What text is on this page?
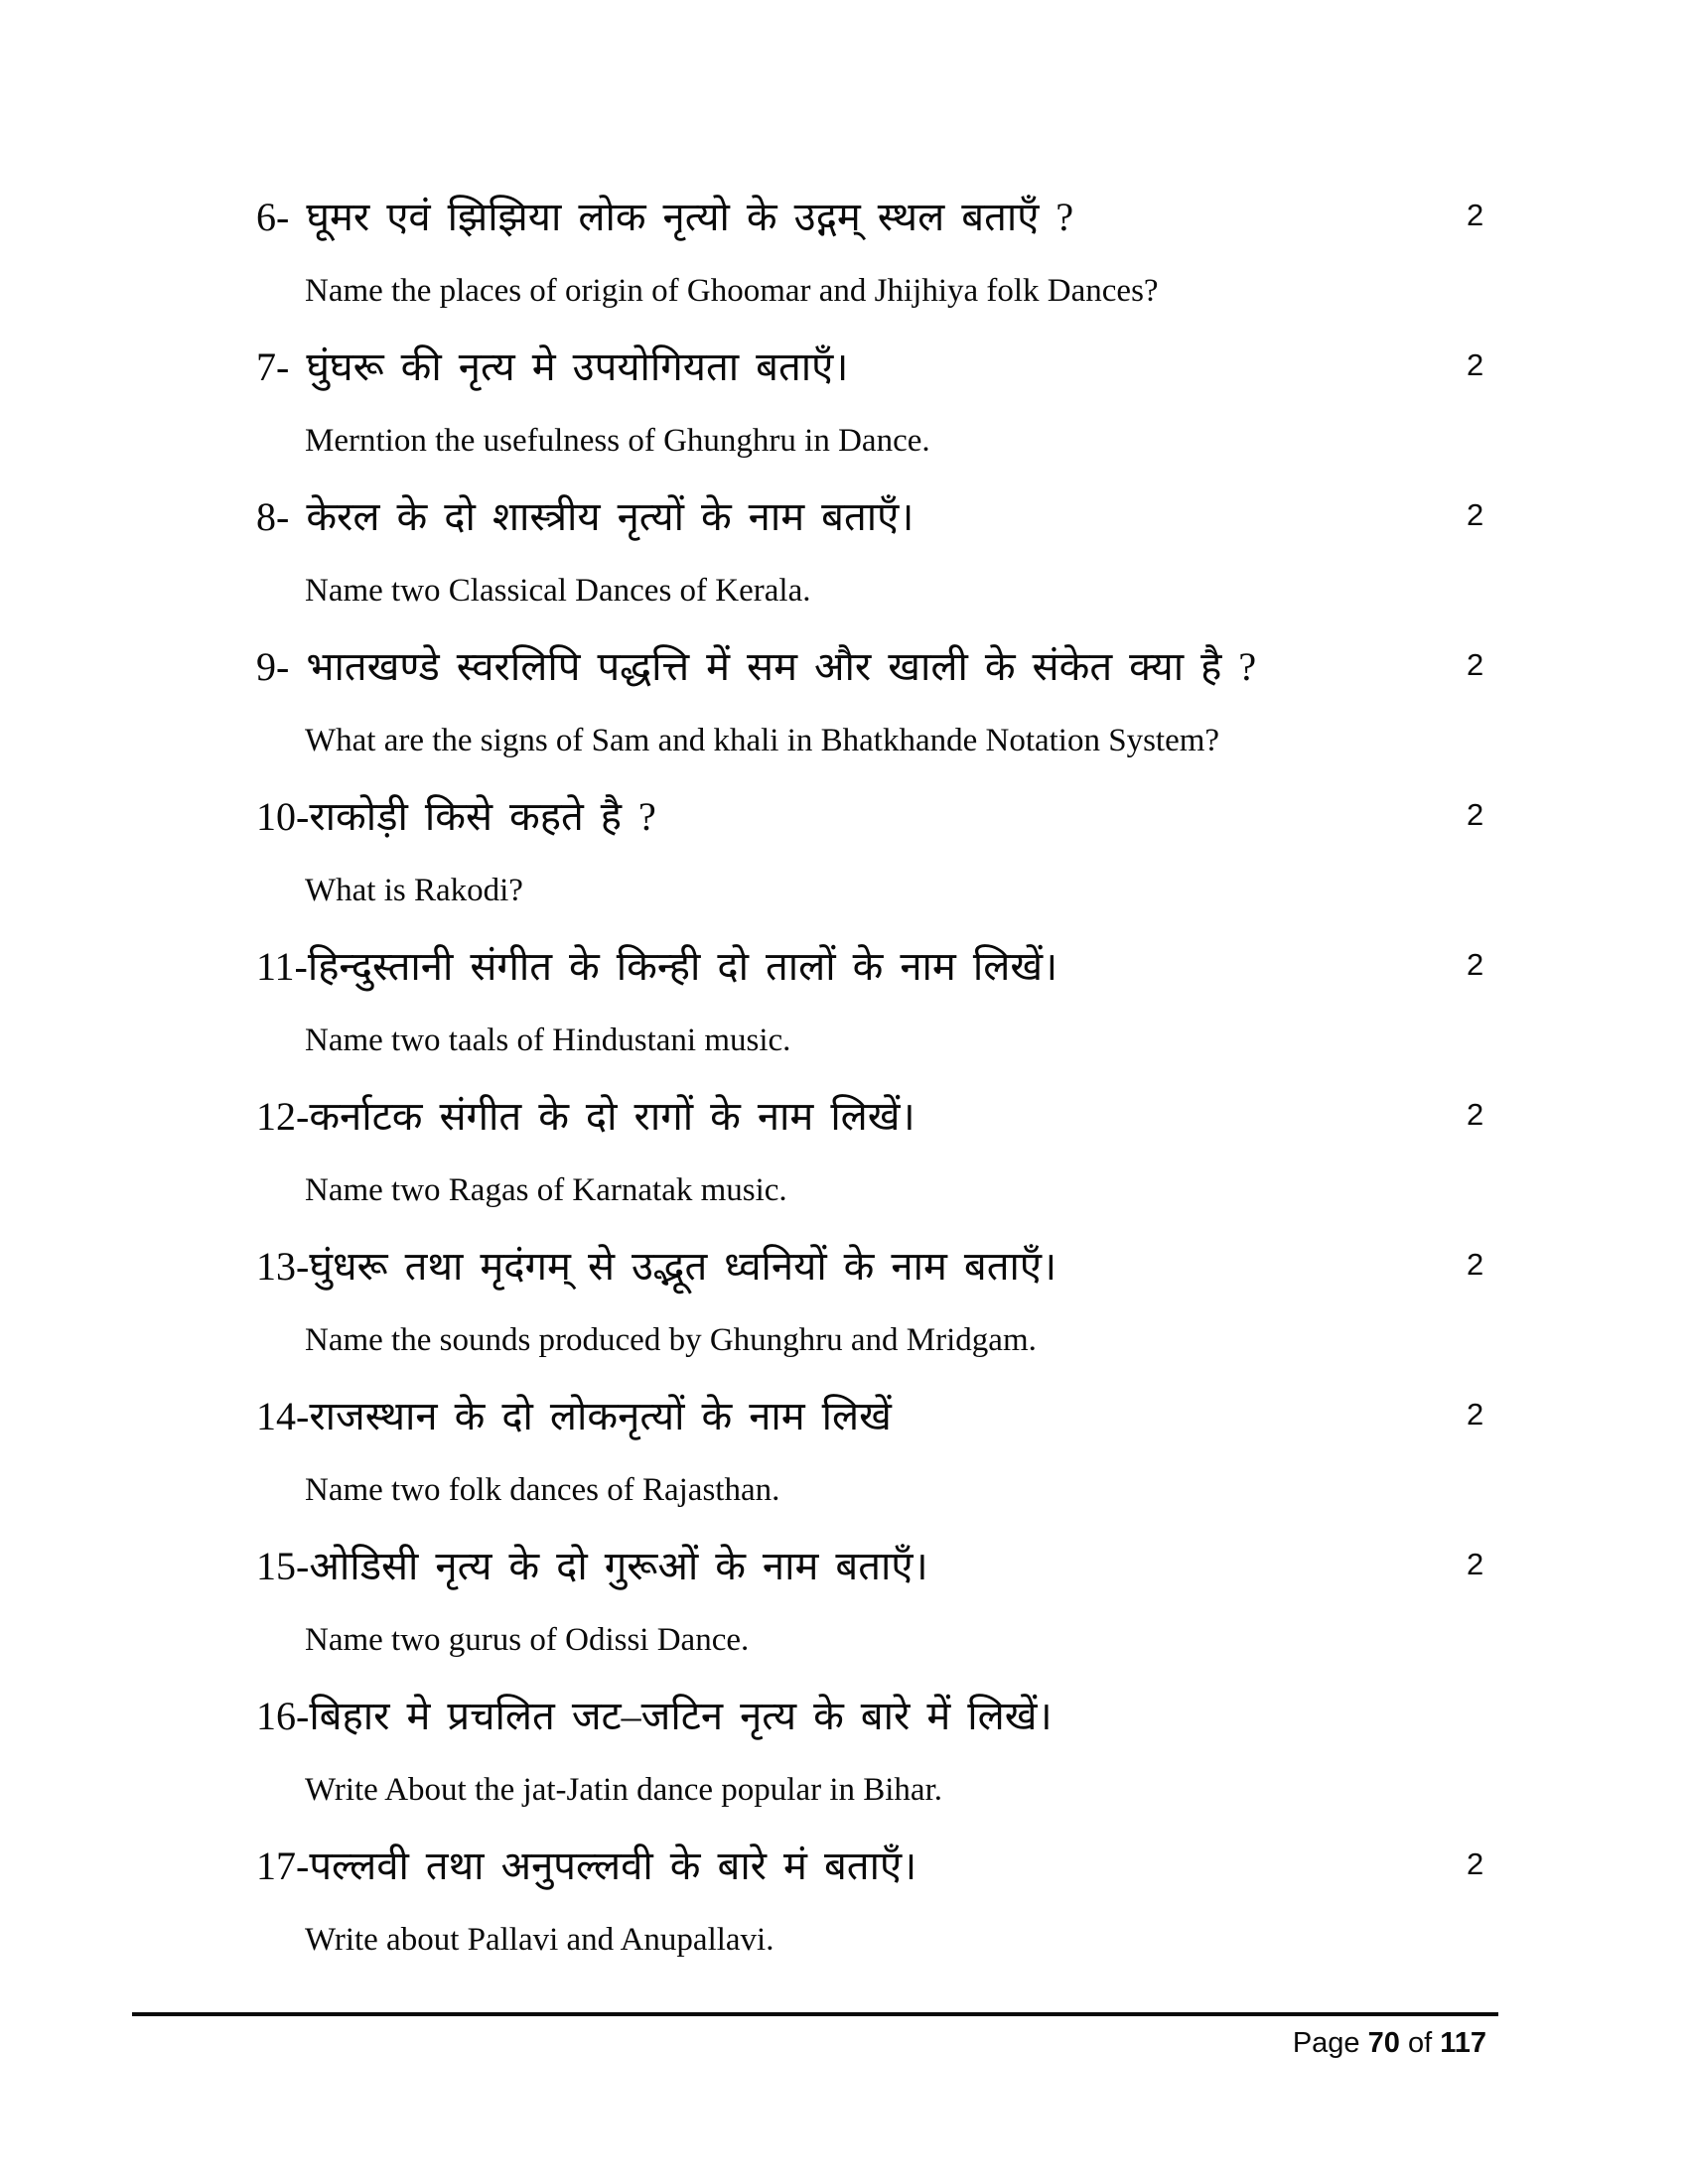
6- घूमर एवं झिझिया लोक नृत्यो के उद्गम् स्थल बताएँ ?	2
Name the places of origin of Ghoomar and Jhijhiya folk Dances?
7- घुंघरू की नृत्य मे उपयोगियता बताएँ।	2
Merntion the usefulness of Ghunghru in Dance.
8- केरल के दो शास्त्रीय नृत्यों के नाम बताएँ।	2
Name two Classical Dances of Kerala.
9- भातखण्डे स्वरलिपि पद्धत्ति में सम और खाली के संकेत क्या है ?	2
What are the signs of Sam and khali in Bhatkhande Notation System?
10-राकोड़ी किसे कहते है ?	2
What is Rakodi?
11-हिन्दुस्तानी संगीत के किन्ही दो तालों के नाम लिखें।	2
Name two taals of Hindustani music.
12-कर्नाटक संगीत के दो रागों के नाम लिखें।	2
Name two Ragas of Karnatak music.
13-घुंधरू तथा मृदंगम् से उद्भूत ध्वनियों के नाम बताएँ।	2
Name the sounds produced by Ghunghru and Mridgam.
14-राजस्थान के दो लोकनृत्यों के नाम लिखें	2
Name two folk dances of Rajasthan.
15-ओडिसी नृत्य के दो गुरूओं के नाम बताएँ।	2
Name two gurus of Odissi Dance.
16-बिहार मे प्रचलित जट–जटिन नृत्य के बारे में लिखें।
Write About the jat-Jatin dance popular in Bihar.
17-पल्लवी तथा अनुपल्लवी के बारे मं बताएँ।	2
Write about Pallavi and Anupallavi.
Page 70 of 117
